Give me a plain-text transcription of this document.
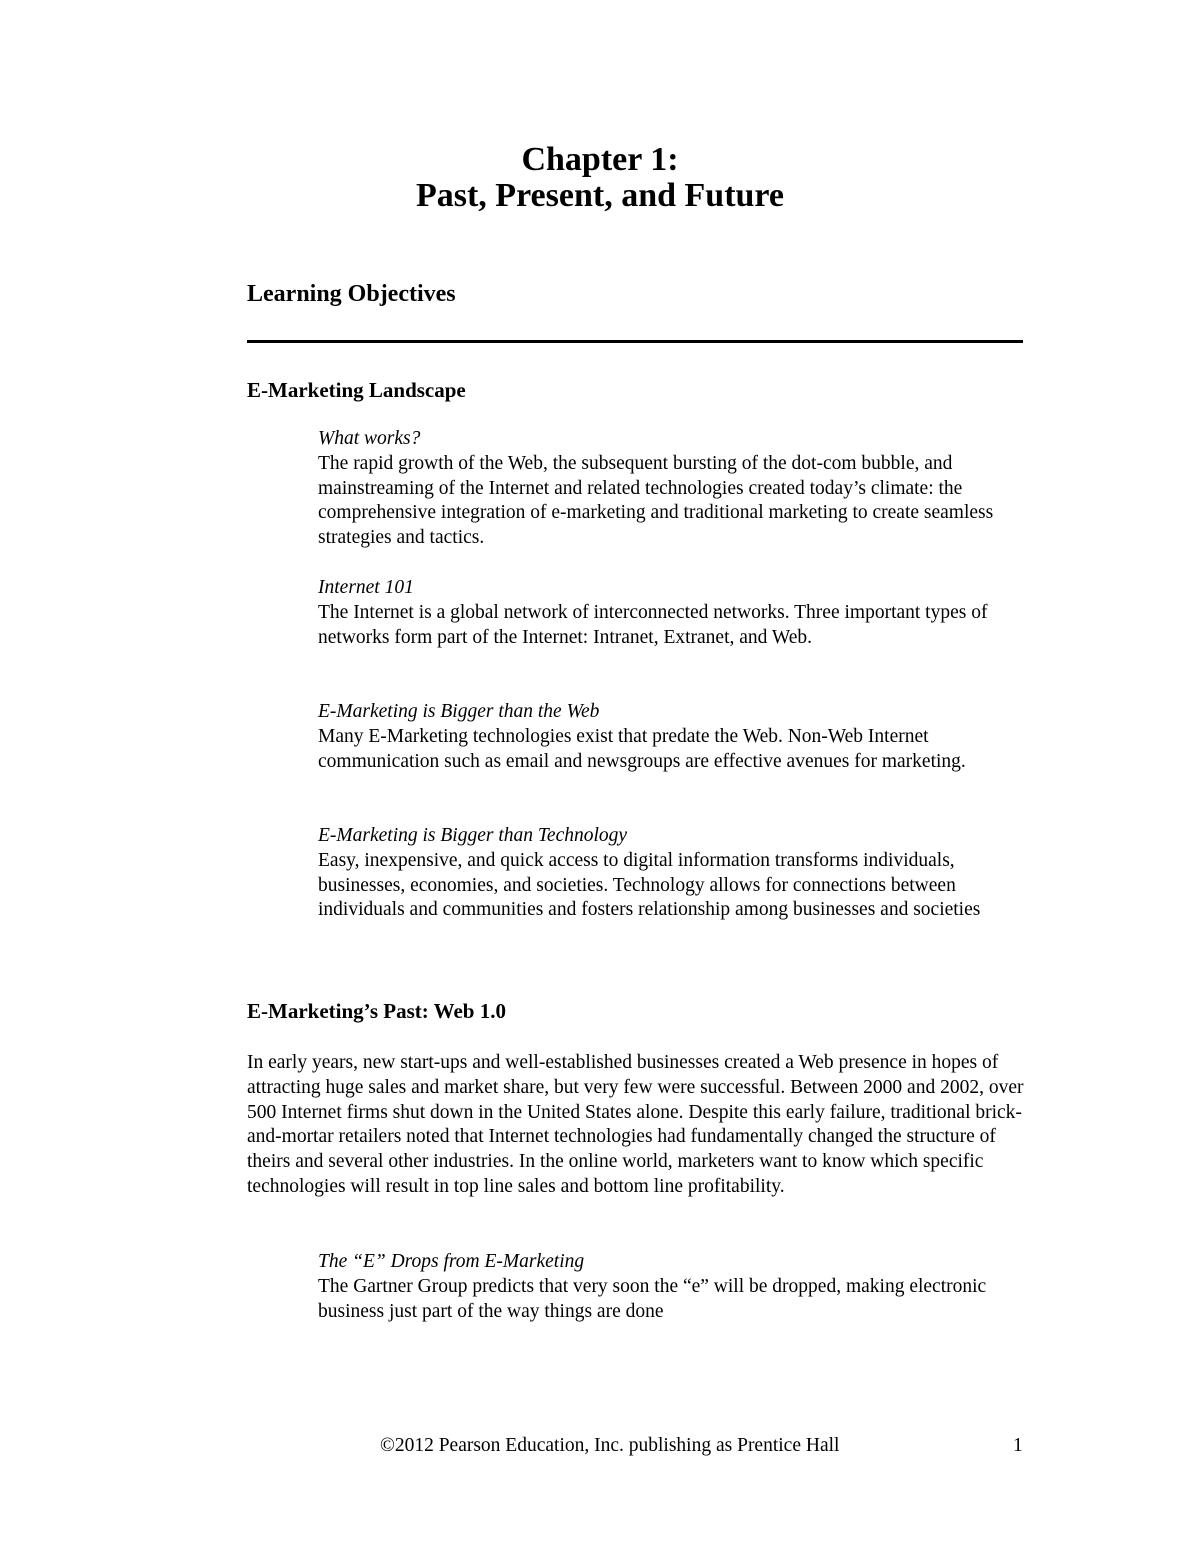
Chapter 1:
Past, Present, and Future
Learning Objectives
E-Marketing Landscape
What works?
The rapid growth of the Web, the subsequent bursting of the dot-com bubble, and mainstreaming of the Internet and related technologies created today’s climate: the comprehensive integration of e-marketing and traditional marketing to create seamless strategies and tactics.
Internet 101
The Internet is a global network of interconnected networks. Three important types of networks form part of the Internet: Intranet, Extranet, and Web.
E-Marketing is Bigger than the Web
Many E-Marketing technologies exist that predate the Web. Non-Web Internet communication such as email and newsgroups are effective avenues for marketing.
E-Marketing is Bigger than Technology
Easy, inexpensive, and quick access to digital information transforms individuals, businesses, economies, and societies. Technology allows for connections between individuals and communities and fosters relationship among businesses and societies
E-Marketing’s Past: Web 1.0
In early years, new start-ups and well-established businesses created a Web presence in hopes of attracting huge sales and market share, but very few were successful. Between 2000 and 2002, over 500 Internet firms shut down in the United States alone. Despite this early failure, traditional brick-and-mortar retailers noted that Internet technologies had fundamentally changed the structure of theirs and several other industries. In the online world, marketers want to know which specific technologies will result in top line sales and bottom line profitability.
The “E” Drops from E-Marketing
The Gartner Group predicts that very soon the “e” will be dropped, making electronic business just part of the way things are done
©2012 Pearson Education, Inc. publishing as Prentice Hall	1
